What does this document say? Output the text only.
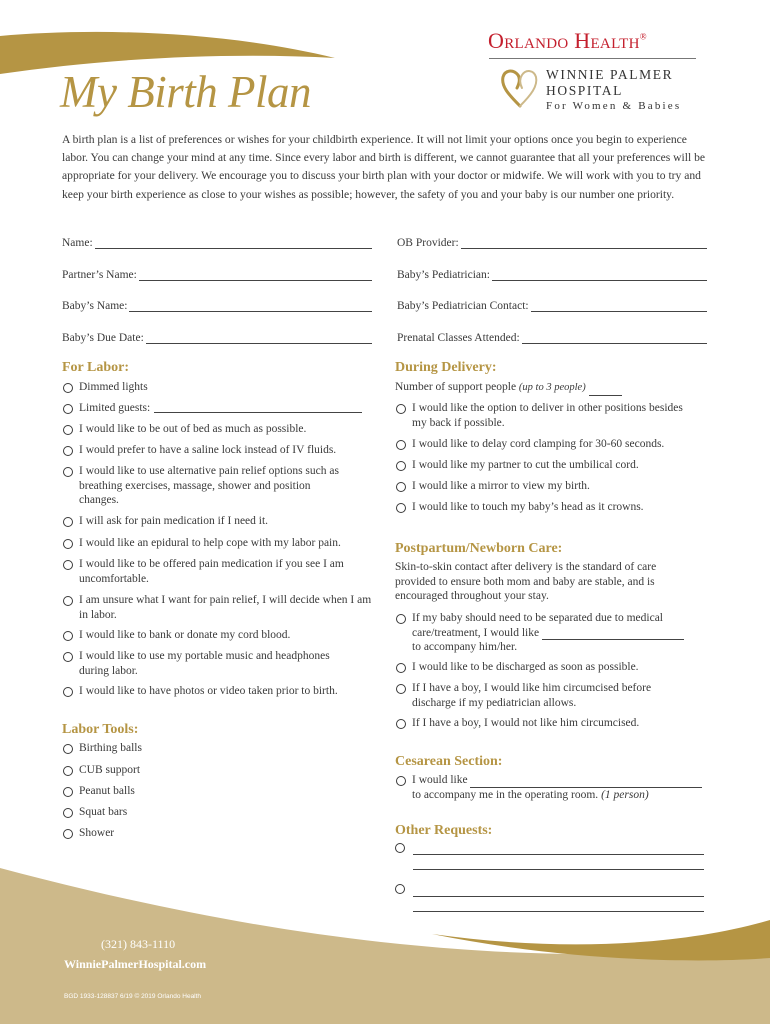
My Birth Plan
Orlando Health®
WINNIE PALMER
HOSPITAL
For Women & Babies
A birth plan is a list of preferences or wishes for your childbirth experience. It will not limit your options once you begin to experience labor. You can change your mind at any time. Since every labor and birth is different, we cannot guarantee that all your preferences will be appropriate for your delivery. We encourage you to discuss your birth plan with your doctor or midwife. We will work with you to try and keep your birth experience as close to your wishes as possible; however, the safety of you and your baby is our number one priority.
Name:
Partner’s Name:
Baby’s Name:
Baby’s Due Date:
OB Provider:
Baby’s Pediatrician:
Baby’s Pediatrician Contact:
Prenatal Classes Attended:
For Labor:
Dimmed lights
Limited guests:
I would like to be out of bed as much as possible.
I would prefer to have a saline lock instead of IV fluids.
I would like to use alternative pain relief options such as breathing exercises, massage, shower and position changes.
I will ask for pain medication if I need it.
I would like an epidural to help cope with my labor pain.
I would like to be offered pain medication if you see I am uncomfortable.
I am unsure what I want for pain relief, I will decide when I am in labor.
I would like to bank or donate my cord blood.
I would like to use my portable music and headphones during labor.
I would like to have photos or video taken prior to birth.
Labor Tools:
Birthing balls
CUB support
Peanut balls
Squat bars
Shower
During Delivery:
Number of support people (up to 3 people)
I would like the option to deliver in other positions besides my back if possible.
I would like to delay cord clamping for 30-60 seconds.
I would like my partner to cut the umbilical cord.
I would like a mirror to view my birth.
I would like to touch my baby’s head as it crowns.
Postpartum/Newborn Care:
Skin-to-skin contact after delivery is the standard of care provided to ensure both mom and baby are stable, and is encouraged throughout your stay.
If my baby should need to be separated due to medical care/treatment, I would like
to accompany him/her.
I would like to be discharged as soon as possible.
If I have a boy, I would like him circumcised before discharge if my pediatrician allows.
If I have a boy, I would not like him circumcised.
Cesarean Section:
I would like
to accompany me in the operating room. (1 person)
Other Requests:
(321) 843-1110
WinniePalmerHospital.com
BGD 1933-128837 6/19 © 2019 Orlando Health
